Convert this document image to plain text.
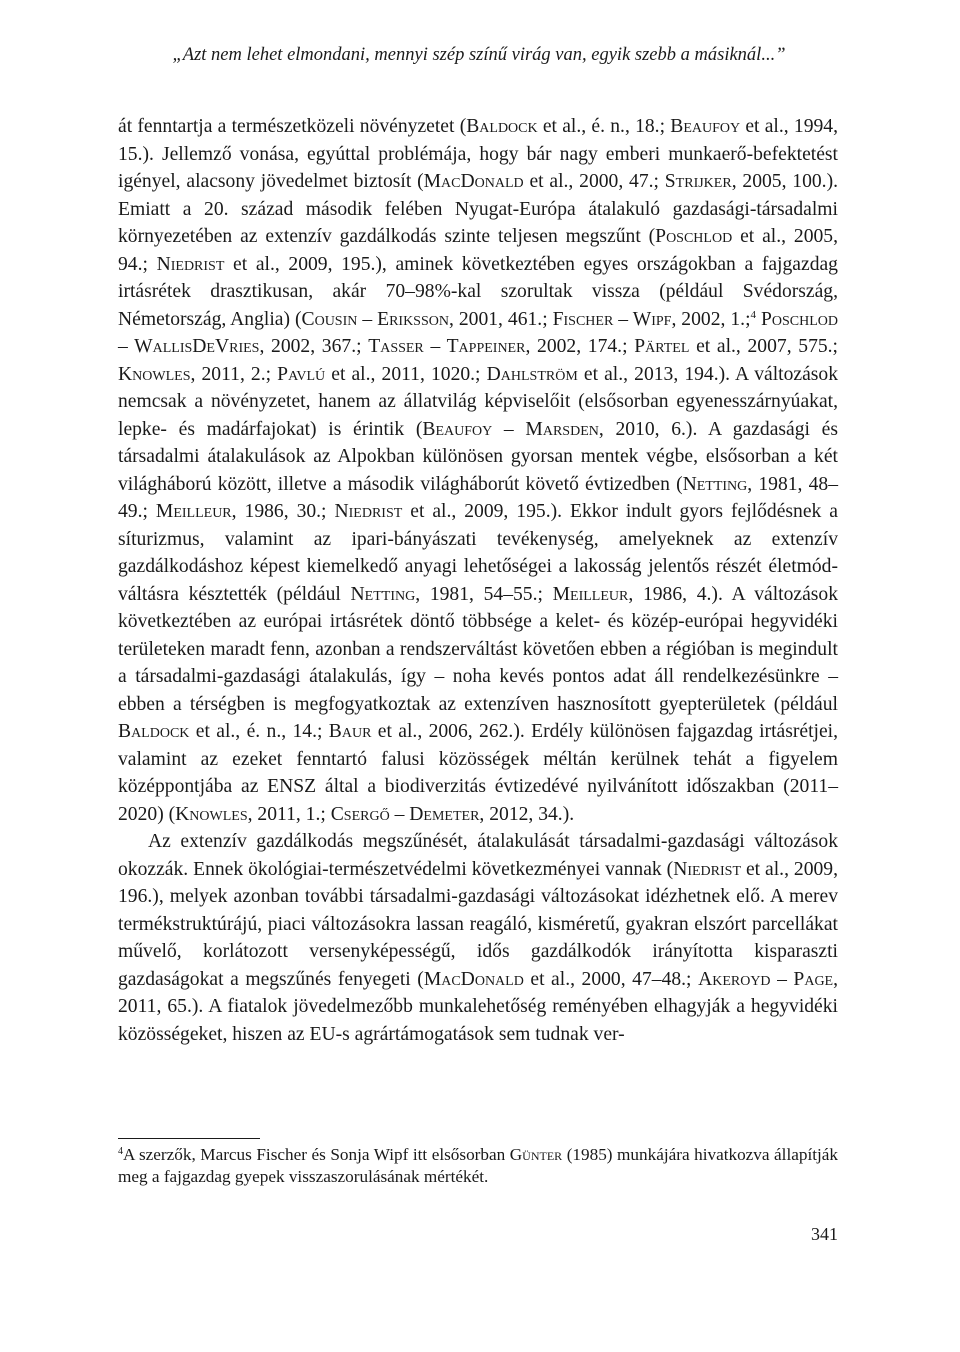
„Azt nem lehet elmondani, mennyi szép színű virág van, egyik szebb a másiknál...”

át fenntartja a természetközeli növényzetet (Baldock et al., é. n., 18.; Beaufoy et al., 1994, 15.). Jellemző vonása, egyúttal problémája, hogy bár nagy emberi munkaerő-befektetést igényel, alacsony jövedelmet biztosít (MacDonald et al., 2000, 47.; Strijker, 2005, 100.). Emiatt a 20. század második felében Nyugat-Európa átalakuló gazdasági-társadalmi környezetében az extenzív gazdálkodás szinte teljesen megszűnt (Poschlod et al., 2005, 94.; Niedrist et al., 2009, 195.), aminek következtében egyes országokban a fajgazdag irtásrétek drasztikusan, akár 70–98%-kal szorultak vissza (például Svédország, Németország, Anglia) (Cousin – Eriksson, 2001, 461.; Fischer – Wipf, 2002, 1.;$^4$ Poschlod – WallisDeVries, 2002, 367.; Tasser – Tappeiner, 2002, 174.; Pärtel et al., 2007, 575.; Knowles, 2011, 2.; Pavlú et al., 2011, 1020.; Dahlström et al., 2013, 194.). A változások nemcsak a növényzetet, hanem az állatvilág képviselőit (elsősorban egyenesszárnyúakat, lepke- és madárfajokat) is érintik (Beaufoy – Marsden, 2010, 6.). A gazdasági és társadalmi átalakulások az Alpokban különösen gyorsan mentek végbe, elsősorban a két világháború között, illetve a második világháborút követő évtizedben (Netting, 1981, 48–49.; Meilleur, 1986, 30.; Niedrist et al., 2009, 195.). Ekkor indult gyors fejlődésnek a síturizmus, valamint az ipari-bányászati tevékenység, amelyeknek az extenzív gazdálkodáshoz képest kiemelkedő anyagi lehetőségei a lakosság jelentős részét életmód-váltásra késztették (például Netting, 1981, 54–55.; Meilleur, 1986, 4.). A változások következtében az európai irtásrétek döntő többsége a kelet- és közép-európai hegyvidéki területeken maradt fenn, azonban a rendszerváltást követően ebben a régióban is megindult a társadalmi-gazdasági átalakulás, így – noha kevés pontos adat áll rendelkezésünkre – ebben a térségben is megfogyatkoztak az extenzíven hasznosított gyepterületek (például Baldock et al., é. n., 14.; Baur et al., 2006, 262.). Erdély különösen fajgazdag irtásrétjei, valamint az ezeket fenntartó falusi közösségek méltán kerülnek tehát a figyelem középpontjába az ENSZ által a biodiverzitás évtizedévé nyilvánított időszakban (2011–2020) (Knowles, 2011, 1.; Csergő – Demeter, 2012, 34.).

Az extenzív gazdálkodás megszűnését, átalakulását társadalmi-gazdasági változások okozzák. Ennek ökológiai-természetvédelmi következményei vannak (Niedrist et al., 2009, 196.), melyek azonban további társadalmi-gazdasági változásokat idézhetnek elő. A merev termékstruktúrájú, piaci változásokra lassan reagáló, kisméretű, gyakran elszórt parcellákat művelő, korlátozott versenyképességű, idős gazdálkodók irányította kisparaszti gazdaságokat a megszűnés fenyegeti (MacDonald et al., 2000, 47–48.; Akeroyd – Page, 2011, 65.). A fiatalok jövedelmezőbb munkalehetőség reményében elhagyják a hegyvidéki közösségeket, hiszen az EU-s agrártámogatások sem tudnak ver-

$^4$A szerzők, Marcus Fischer és Sonja Wipf itt elsősorban Günter (1985) munkájára hivatkozva állapítják meg a fajgazdag gyepek visszaszorulásának mértékét.
341
